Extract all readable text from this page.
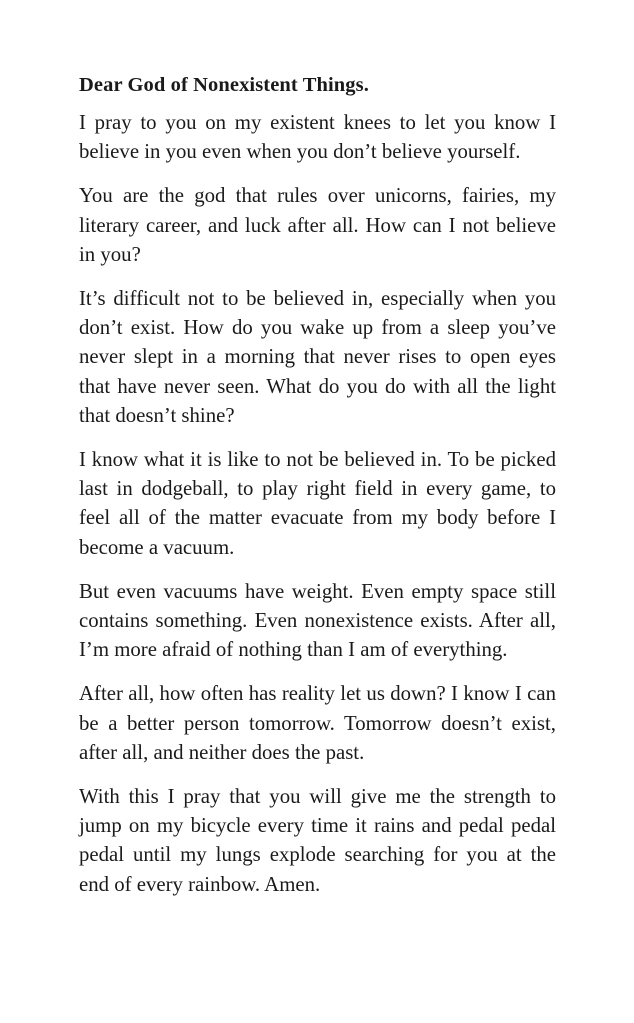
Dear God of Nonexistent Things.

I pray to you on my existent knees to let you know I believe in you even when you don’t believe yourself.

You are the god that rules over unicorns, fairies, my literary career, and luck after all. How can I not believe in you?

It’s difficult not to be believed in, especially when you don’t exist. How do you wake up from a sleep you’ve never slept in a morning that never rises to open eyes that have never seen. What do you do with all the light that doesn’t shine?

I know what it is like to not be believed in. To be picked last in dodgeball, to play right field in every game, to feel all of the matter evacuate from my body before I become a vacuum.

But even vacuums have weight. Even empty space still contains something. Even nonexistence exists. After all, I’m more afraid of nothing than I am of everything.

After all, how often has reality let us down? I know I can be a better person tomorrow. Tomorrow doesn’t exist, after all, and neither does the past.

With this I pray that you will give me the strength to jump on my bicycle every time it rains and pedal pedal pedal until my lungs explode searching for you at the end of every rainbow. Amen.
